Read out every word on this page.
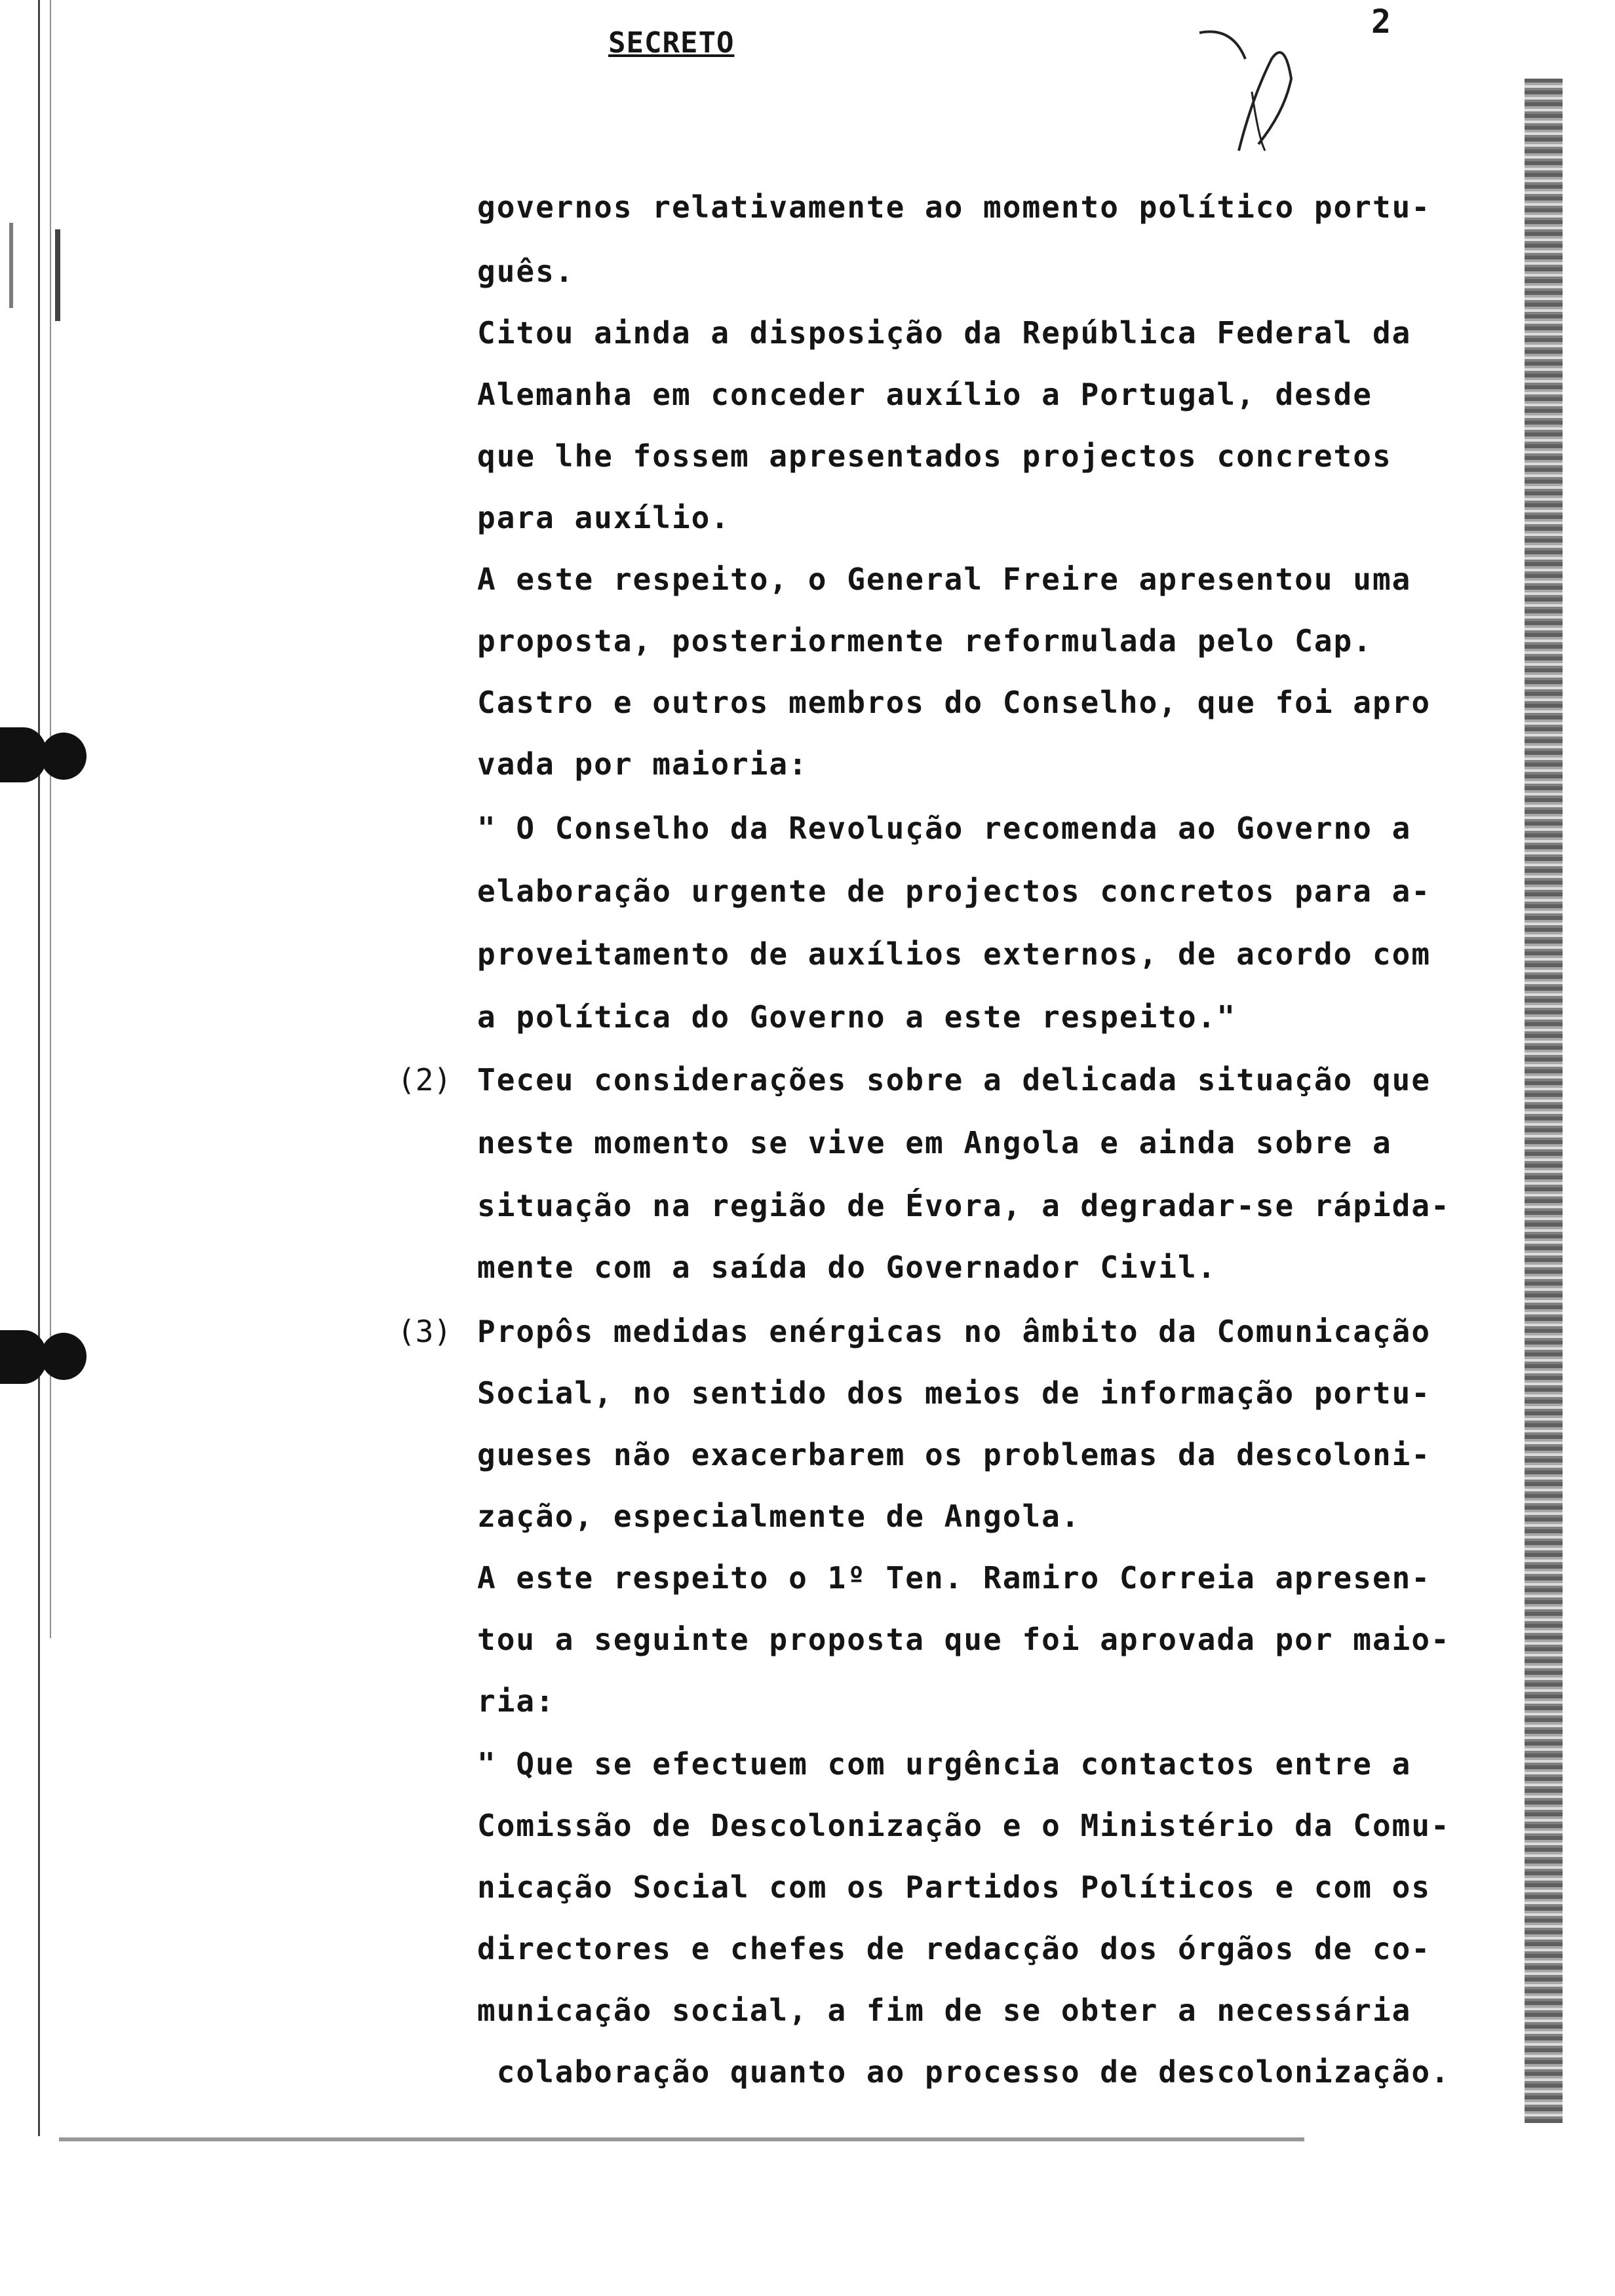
SECRETO
2
governos relativamente ao momento político portu-
guês.
Citou ainda a disposição da República Federal da
Alemanha em conceder auxílio a Portugal, desde
que lhe fossem apresentados projectos concretos
para auxílio.
A este respeito, o General Freire apresentou uma
proposta, posteriormente reformulada pelo Cap.
Castro e outros membros do Conselho, que foi apro
vada por maioria:
" O Conselho da Revolução recomenda ao Governo a
elaboração urgente de projectos concretos para a-
proveitamento de auxílios externos, de acordo com
a política do Governo a este respeito."
(2) Teceu considerações sobre a delicada situação que
neste momento se vive em Angola e ainda sobre a
situação na região de Évora, a degradar-se rápida-
mente com a saída do Governador Civil.
(3) Propôs medidas enérgicas no âmbito da Comunicação
Social, no sentido dos meios de informação portu-
gueses não exacerbarem os problemas da descoloni-
zação, especialmente de Angola.
A este respeito o 1º Ten. Ramiro Correia apresen-
tou a seguinte proposta que foi aprovada por maio-
ria:
" Que se efectuem com urgência contactos entre a
Comissão de Descolonização e o Ministério da Comu-
nicação Social com os Partidos Políticos e com os
directores e chefes de redacção dos órgãos de co-
municação social, a fim de se obter a necessária
colaboração quanto ao processo de descolonização.
